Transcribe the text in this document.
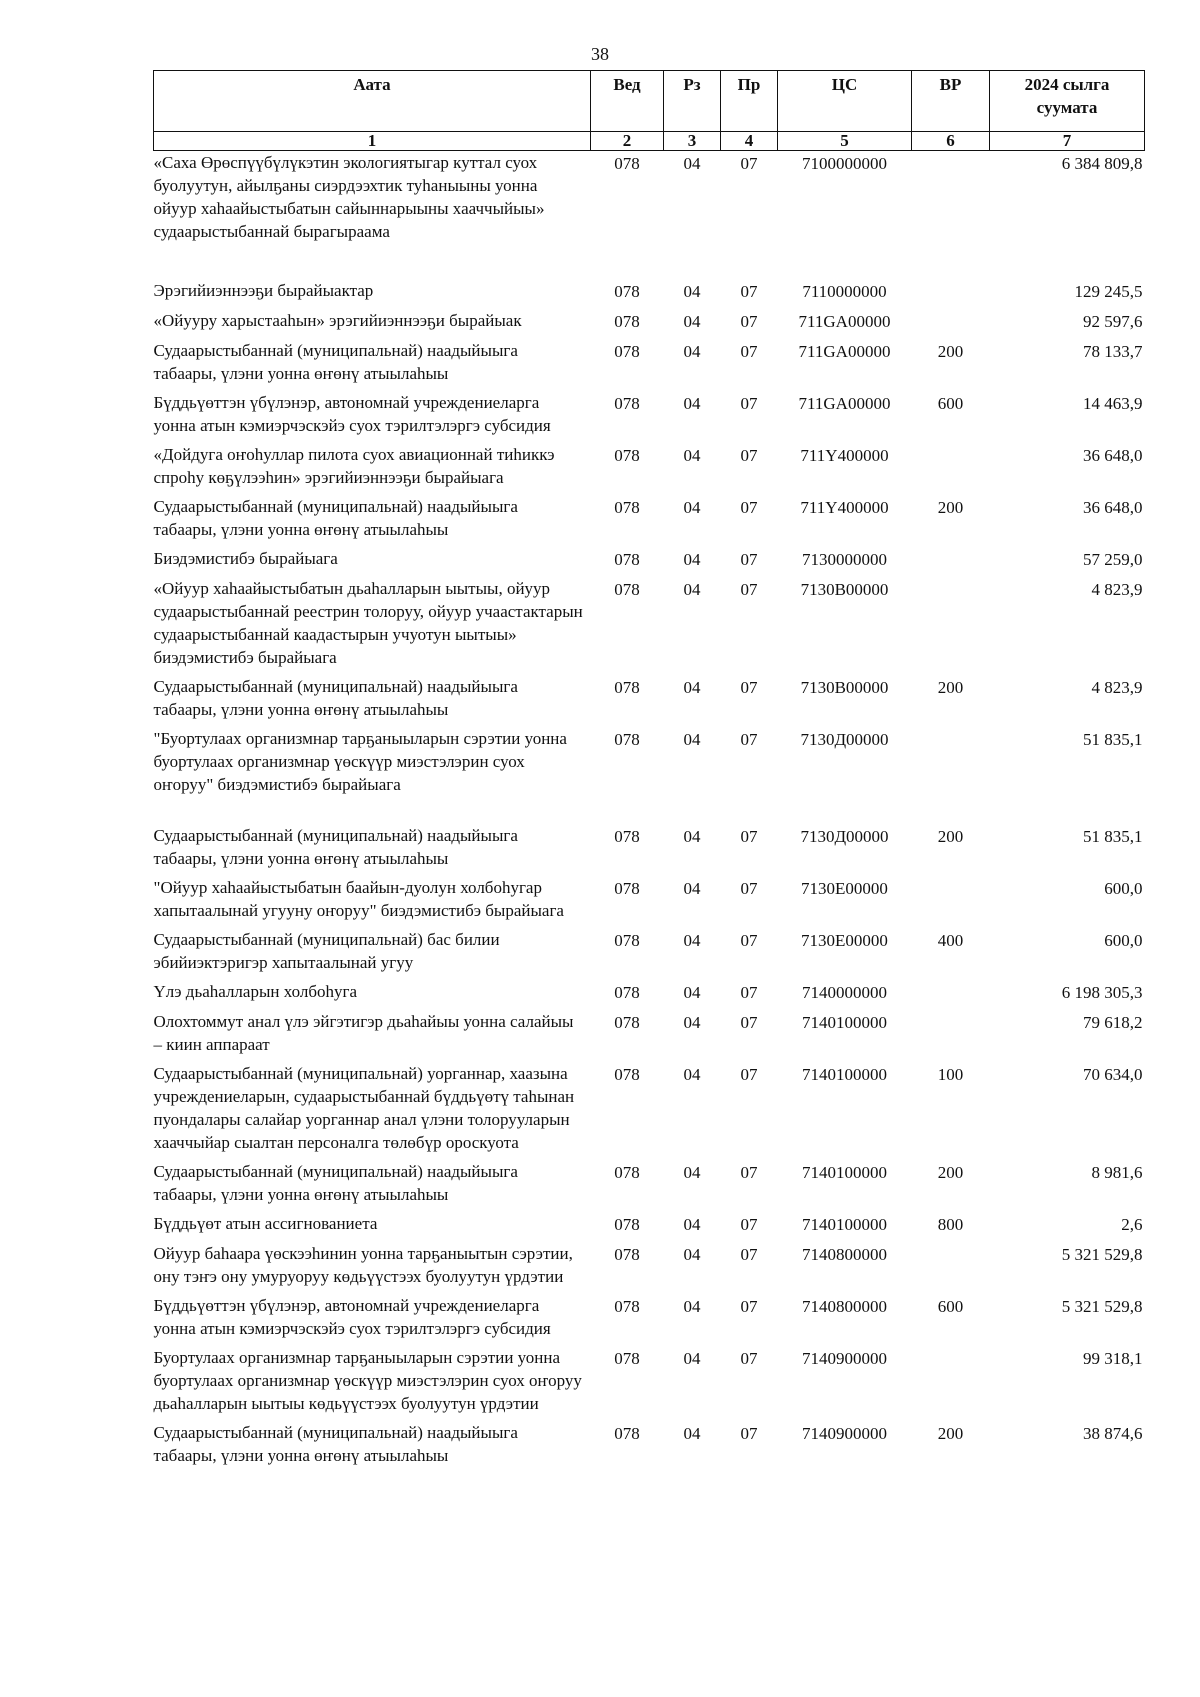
38
Аата	Вед	Рз	Пр	ЦС	ВР	2024 сылга суумата
1	2	3	4	5	6	7
«Саха Өрөспүүбүлүкэтин экологиятыгар куттал суох буолуутун, айылҕаны сиэрдээхтик туһаныыны уонна ойуур хаһаайыстыбатын сайыннарыыны хааччыйыы» судаарыстыбаннай бырагыраама	078	04	07	7100000000		6 384 809,8
Эрэгийиэннээҕи бырайыактар	078	04	07	7110000000		129 245,5
«Ойууру харыстааһын» эрэгийиэннээҕи бырайыак	078	04	07	711GA00000		92 597,6
Судаарыстыбаннай (муниципальнай) наадыйыыга табаары, үлэни уонна өҥөнү атыылаһыы	078	04	07	711GA00000	200	78 133,7
Бүддьүөттэн үбүлэнэр, автономнай учреждениеларга уонна атын кэмиэрчэскэйэ суох тэрилтэлэргэ субсидия	078	04	07	711GA00000	600	14 463,9
«Дойдуга оҥоһуллар пилота суох авиационнай тиһиккэ спроһу көҕүлээһин» эрэгийиэннээҕи бырайыага	078	04	07	711Y400000		36 648,0
Судаарыстыбаннай (муниципальнай) наадыйыыга табаары, үлэни уонна өҥөнү атыылаһыы	078	04	07	711Y400000	200	36 648,0
Биэдэмистибэ бырайыага	078	04	07	7130000000		57 259,0
«Ойуур хаһаайыстыбатын дьаһалларын ыытыы, ойуур судаарыстыбаннай реестрин толоруу, ойуур учаастактарын судаарыстыбаннай каадастырын учуотун ыытыы» биэдэмистибэ бырайыага	078	04	07	7130В00000		4 823,9
Судаарыстыбаннай (муниципальнай) наадыйыыга табаары, үлэни уонна өҥөнү атыылаһыы	078	04	07	7130В00000	200	4 823,9
"Буортулаах организмнар тарҕаныыларын сэрэтии уонна буортулаах организмнар үөскүүр миэстэлэрин суох оҥоруу" биэдэмистибэ бырайыага	078	04	07	7130Д00000		51 835,1
Судаарыстыбаннай (муниципальнай) наадыйыыга табаары, үлэни уонна өҥөнү атыылаһыы	078	04	07	7130Д00000	200	51 835,1
"Ойуур хаһаайыстыбатын баайын-дуолун холбоһугар хапытаалынай угууну оҥоруу" биэдэмистибэ бырайыага	078	04	07	7130Е00000		600,0
Судаарыстыбаннай (муниципальнай) бас билии эбийиэктэригэр хапытаалынай угуу	078	04	07	7130Е00000	400	600,0
Үлэ дьаһалларын холбоһуга	078	04	07	7140000000		6 198 305,3
Олохтоммут анал үлэ эйгэтигэр дьаһайыы уонна салайыы – киин аппараат	078	04	07	7140100000		79 618,2
Судаарыстыбаннай (муниципальнай) уорганнар, хаазына учреждениеларын, судаарыстыбаннай бүддьүөтү таһынан пуондалары салайар уорганнар анал үлэни толорууларын хааччыйар сыалтан персоналга төлөбүр ороскуота	078	04	07	7140100000	100	70 634,0
Судаарыстыбаннай (муниципальнай) наадыйыыга табаары, үлэни уонна өҥөнү атыылаһыы	078	04	07	7140100000	200	8 981,6
Бүддьүөт атын ассигнованиета	078	04	07	7140100000	800	2,6
Ойуур баһаара үөскээһинин уонна тарҕаныытын сэрэтии, ону тэҥэ ону умуруоруу көдьүүстээх буолуутун үрдэтии	078	04	07	7140800000		5 321 529,8
Бүддьүөттэн үбүлэнэр, автономнай учреждениеларга уонна атын кэмиэрчэскэйэ суох тэрилтэлэргэ субсидия	078	04	07	7140800000	600	5 321 529,8
Буортулаах организмнар тарҕаныыларын сэрэтии уонна буортулаах организмнар үөскүүр миэстэлэрин суох оҥоруу дьаһалларын ыытыы көдьүүстээх буолуутун үрдэтии	078	04	07	7140900000		99 318,1
Судаарыстыбаннай (муниципальнай) наадыйыыга табаары, үлэни уонна өҥөнү атыылаһыы	078	04	07	7140900000	200	38 874,6
